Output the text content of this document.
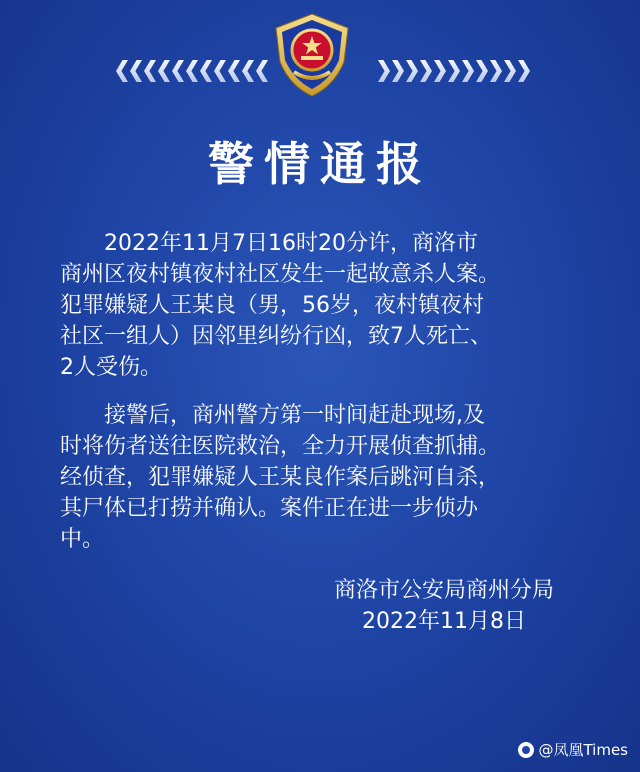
警情通报
　　2022年11月7日16时20分许，商洛市
商州区夜村镇夜村社区发生一起故意杀人案。
犯罪嫌疑人王某良（男，56岁，夜村镇夜村
社区一组人）因邻里纠纷行凶，致7人死亡、
2人受伤。
　　接警后，商州警方第一时间赶赴现场,及
时将伤者送往医院救治，全力开展侦查抓捕。
经侦查，犯罪嫌疑人王某良作案后跳河自杀，
其尸体已打捞并确认。案件正在进一步侦办
中。
商洛市公安局商州分局
2022年11月8日
@凤凰Times
